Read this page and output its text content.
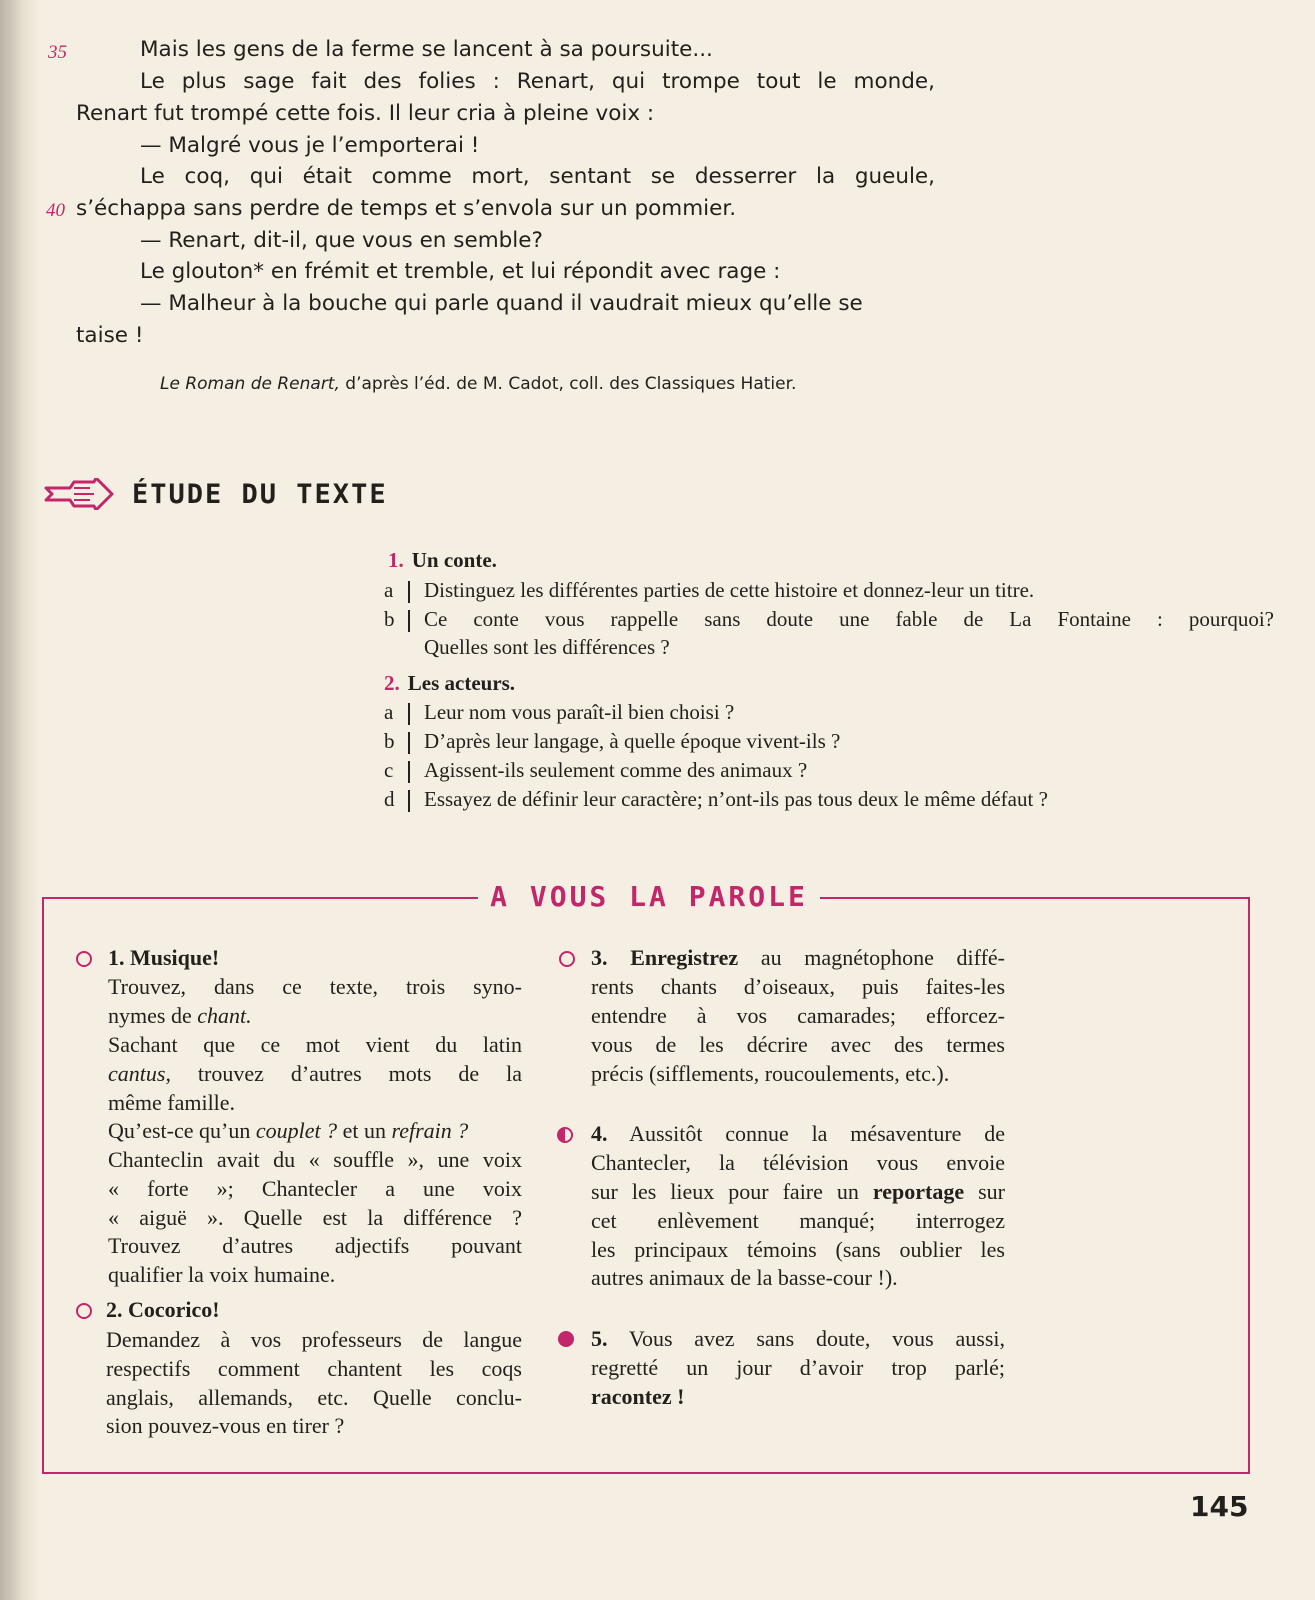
35
40
Mais les gens de la ferme se lancent à sa poursuite...
Le plus sage fait des folies : Renart, qui trompe tout le monde,
Renart fut trompé cette fois. Il leur cria à pleine voix :
— Malgré vous je l’emporterai !
Le coq, qui était comme mort, sentant se desserrer la gueule,
s’échappa sans perdre de temps et s’envola sur un pommier.
— Renart, dit-il, que vous en semble?
Le glouton* en frémit et tremble, et lui répondit avec rage :
— Malheur à la bouche qui parle quand il vaudrait mieux qu’elle se
taise !
Le Roman de Renart, d’après l’éd. de M. Cadot, coll. des Classiques Hatier.
ÉTUDE DU TEXTE
1. Un conte.
a	Distinguez les différentes parties de cette histoire et donnez-leur un titre.
b	Ce conte vous rappelle sans doute une fable de La Fontaine : pourquoi?
Quelles sont les différences ?
2. Les acteurs.
a	Leur nom vous paraît-il bien choisi ?
b	D’après leur langage, à quelle époque vivent-ils ?
c	Agissent-ils seulement comme des animaux ?
d	Essayez de définir leur caractère; n’ont-ils pas tous deux le même défaut ?
A VOUS LA PAROLE
1. Musique!
Trouvez, dans ce texte, trois syno-
nymes de chant.
Sachant que ce mot vient du latin
cantus, trouvez d’autres mots de la
même famille.
Qu’est-ce qu’un couplet ? et un refrain ?
Chanteclin avait du « souffle », une voix
« forte »; Chantecler a une voix
« aiguë ». Quelle est la différence ?
Trouvez d’autres adjectifs pouvant
qualifier la voix humaine.
2. Cocorico!
Demandez à vos professeurs de langue
respectifs comment chantent les coqs
anglais, allemands, etc. Quelle conclu-
sion pouvez-vous en tirer ?
3. Enregistrez au magnétophone diffé-
rents chants d’oiseaux, puis faites-les
entendre à vos camarades; efforcez-
vous de les décrire avec des termes
précis (sifflements, roucoulements, etc.).
4. Aussitôt connue la mésaventure de
Chantecler, la télévision vous envoie
sur les lieux pour faire un reportage sur
cet enlèvement manqué; interrogez
les principaux témoins (sans oublier les
autres animaux de la basse-cour !).
5. Vous avez sans doute, vous aussi,
regretté un jour d’avoir trop parlé;
racontez !
145
